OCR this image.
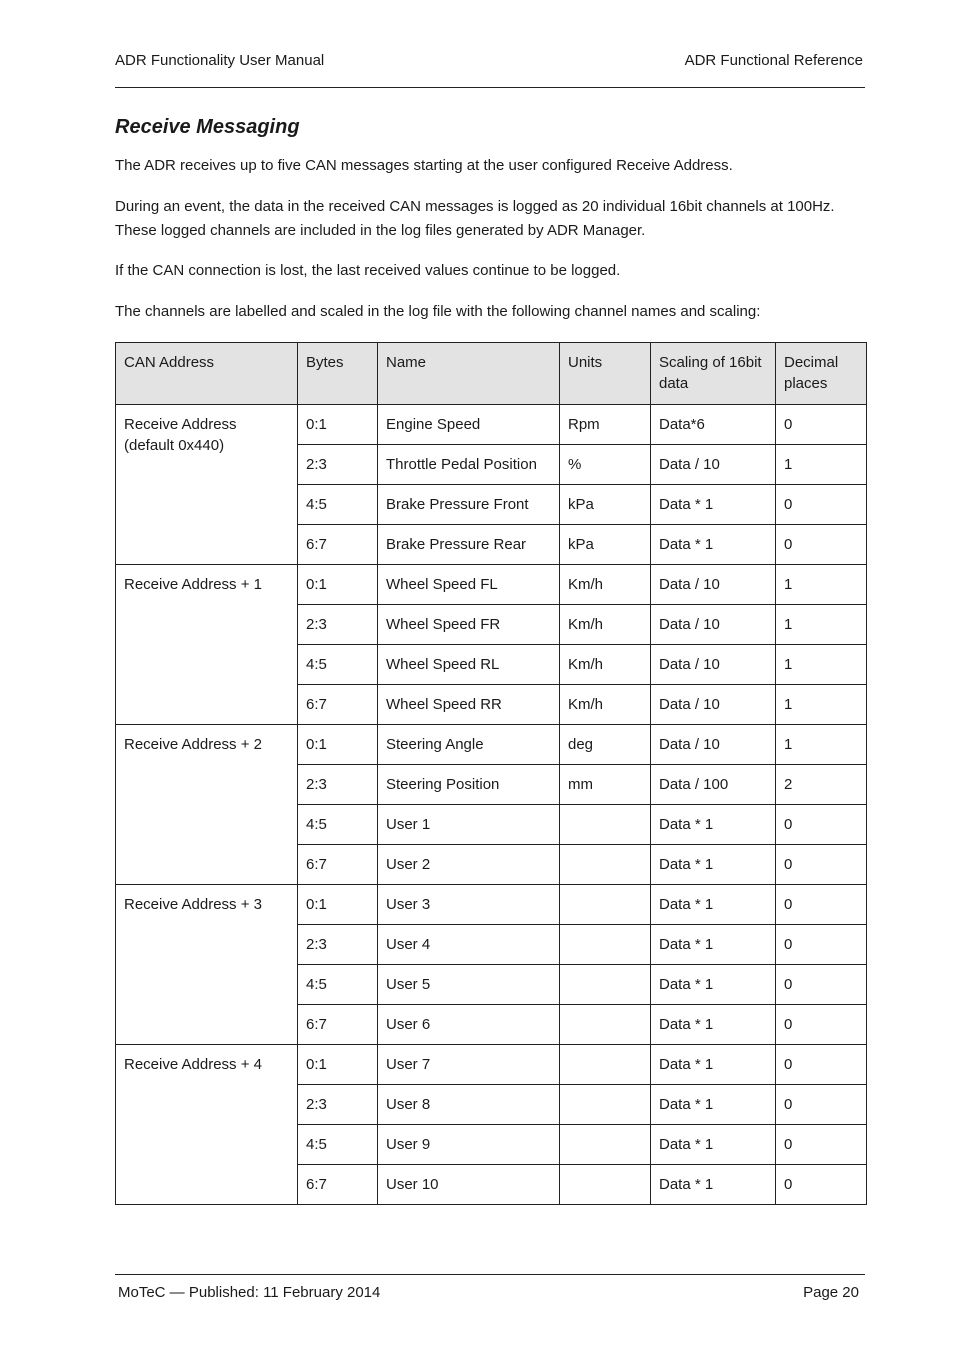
ADR Functionality User Manual	ADR Functional Reference
Receive Messaging

The ADR receives up to five CAN messages starting at the user configured Receive Address.

During an event, the data in the received CAN messages is logged as 20 individual 16bit channels at 100Hz. These logged channels are included in the log files generated by ADR Manager.

If the CAN connection is lost, the last received values continue to be logged.

The channels are labelled and scaled in the log file with the following channel names and scaling:

CAN Address	Bytes	Name	Units	Scaling of 16bit data	Decimal places
Receive Address (default 0x440)	0:1	Engine Speed	Rpm	Data*6	0
	2:3	Throttle Pedal Position	%	Data / 10	1
	4:5	Brake Pressure Front	kPa	Data * 1	0
	6:7	Brake Pressure Rear	kPa	Data * 1	0
Receive Address + 1	0:1	Wheel Speed FL	Km/h	Data / 10	1
	2:3	Wheel Speed FR	Km/h	Data / 10	1
	4:5	Wheel Speed RL	Km/h	Data / 10	1
	6:7	Wheel Speed RR	Km/h	Data / 10	1
Receive Address + 2	0:1	Steering Angle	deg	Data / 10	1
	2:3	Steering Position	mm	Data / 100	2
	4:5	User 1		Data * 1	0
	6:7	User 2		Data * 1	0
Receive Address + 3	0:1	User 3		Data * 1	0
	2:3	User 4		Data * 1	0
	4:5	User 5		Data * 1	0
	6:7	User 6		Data * 1	0
Receive Address + 4	0:1	User 7		Data * 1	0
	2:3	User 8		Data * 1	0
	4:5	User 9		Data * 1	0
	6:7	User 10		Data * 1	0
MoTeC — Published: 11 February 2014	Page 20
